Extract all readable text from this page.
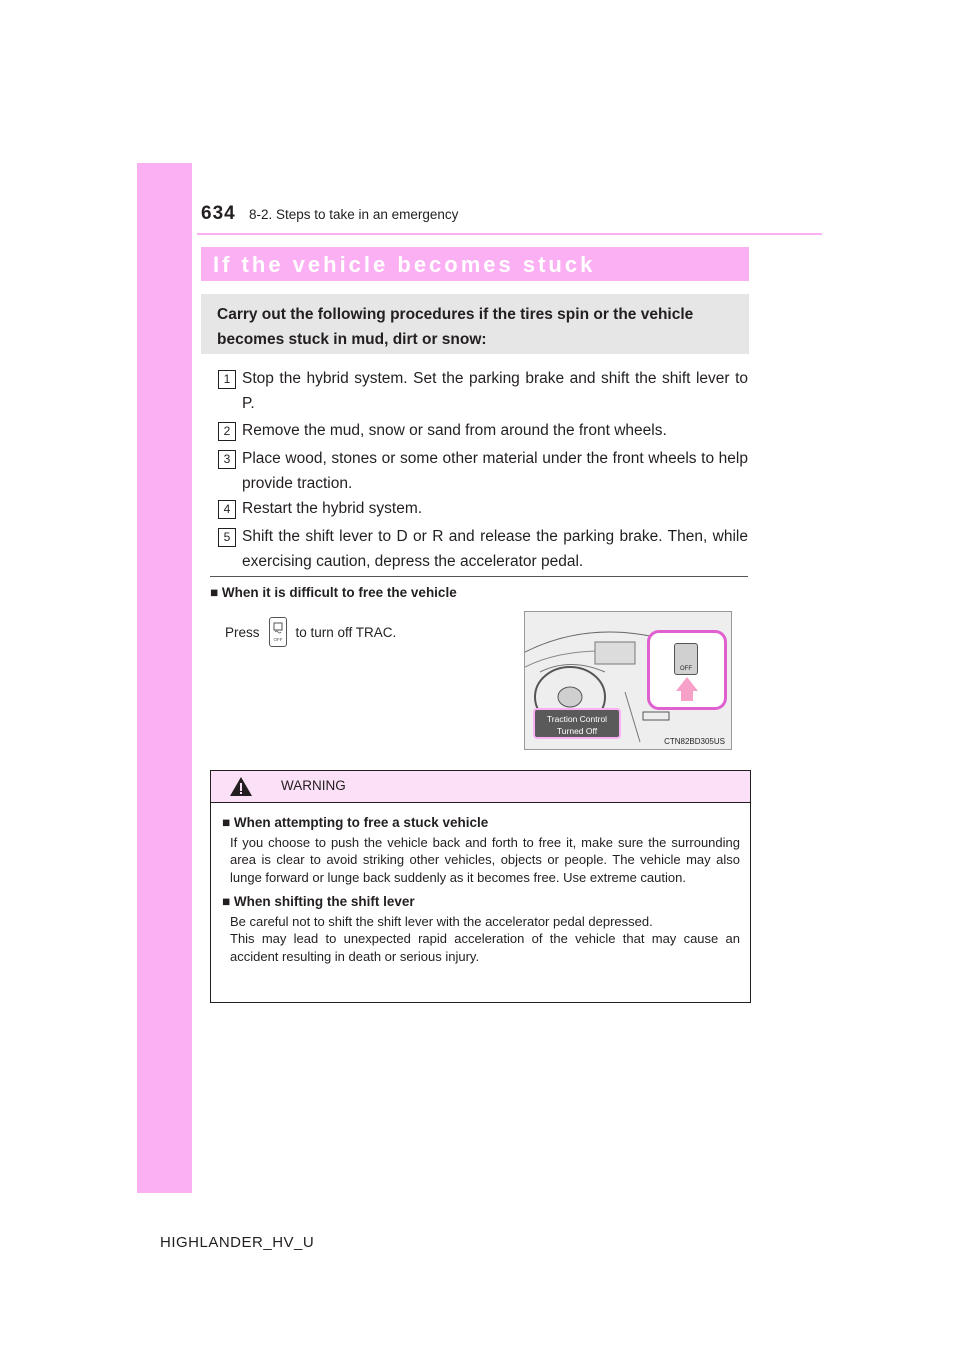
634 8-2. Steps to take in an emergency
If the vehicle becomes stuck
Carry out the following procedures if the tires spin or the vehicle becomes stuck in mud, dirt or snow:
1 Stop the hybrid system. Set the parking brake and shift the shift lever to P.
2 Remove the mud, snow or sand from around the front wheels.
3 Place wood, stones or some other material under the front wheels to help provide traction.
4 Restart the hybrid system.
5 Shift the shift lever to D or R and release the parking brake. Then, while exercising caution, depress the accelerator pedal.
■ When it is difficult to free the vehicle
Press	OFF to turn off TRAC.
OFF
Traction Control
Turned Off
CTN82BD305US
WARNING
■ When attempting to free a stuck vehicle
If you choose to push the vehicle back and forth to free it, make sure the surrounding area is clear to avoid striking other vehicles, objects or people. The vehicle may also lunge forward or lunge back suddenly as it becomes free. Use extreme caution.
■ When shifting the shift lever
Be careful not to shift the shift lever with the accelerator pedal depressed.
This may lead to unexpected rapid acceleration of the vehicle that may cause an accident resulting in death or serious injury.
HIGHLANDER_HV_U
